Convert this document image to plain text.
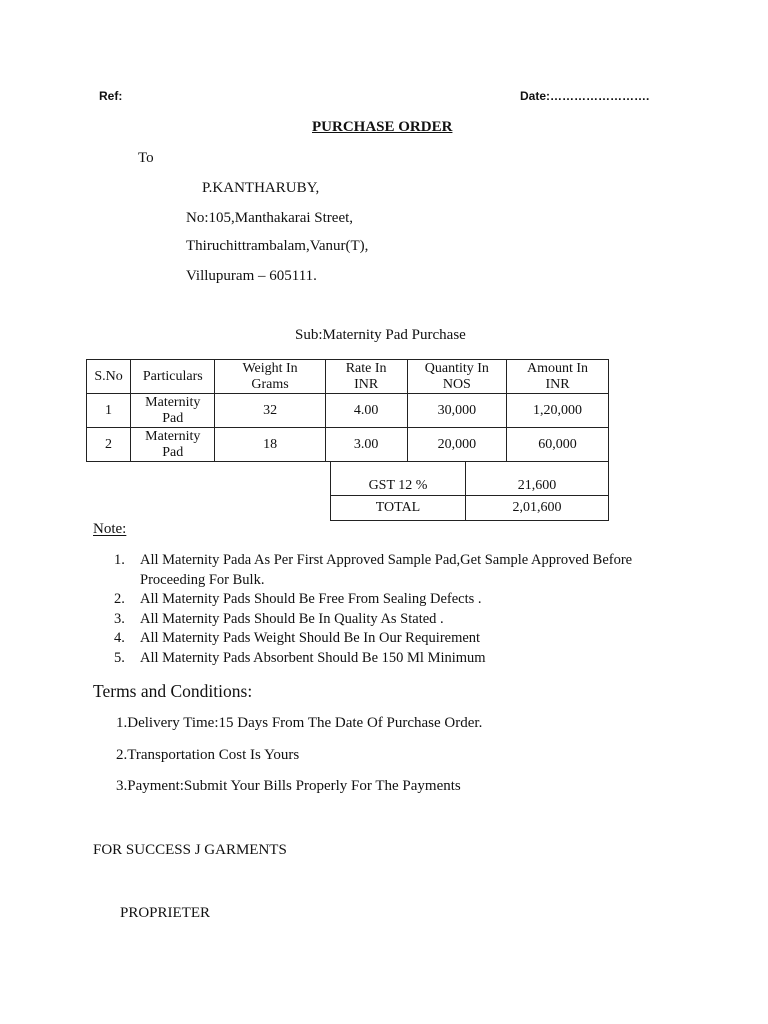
Ref:	Date:…………………….
PURCHASE ORDER
To
P.KANTHARUBY,
No:105,Manthakarai Street,
Thiruchittrambalam,Vanur(T),
Villupuram – 605111.
Sub:Maternity Pad Purchase
S.No	Particulars	Weight In Grams	Rate In INR	Quantity In NOS	Amount In INR
1	Maternity Pad	32	4.00	30,000	1,20,000
2	Maternity Pad	18	3.00	20,000	60,000
GST 12 %	21,600
TOTAL	2,01,600
Note:
1. All Maternity Pada As Per First Approved Sample Pad,Get Sample Approved Before Proceeding For Bulk.
2. All Maternity Pads Should Be Free From Sealing Defects .
3. All Maternity Pads Should Be In Quality As Stated .
4. All Maternity Pads Weight Should Be In Our Requirement
5. All Maternity Pads Absorbent Should Be 150 Ml Minimum
Terms and Conditions:
1.Delivery Time:15 Days From The Date Of Purchase Order.
2.Transportation Cost Is Yours
3.Payment:Submit Your Bills Properly For The Payments
FOR SUCCESS J GARMENTS
PROPRIETER
